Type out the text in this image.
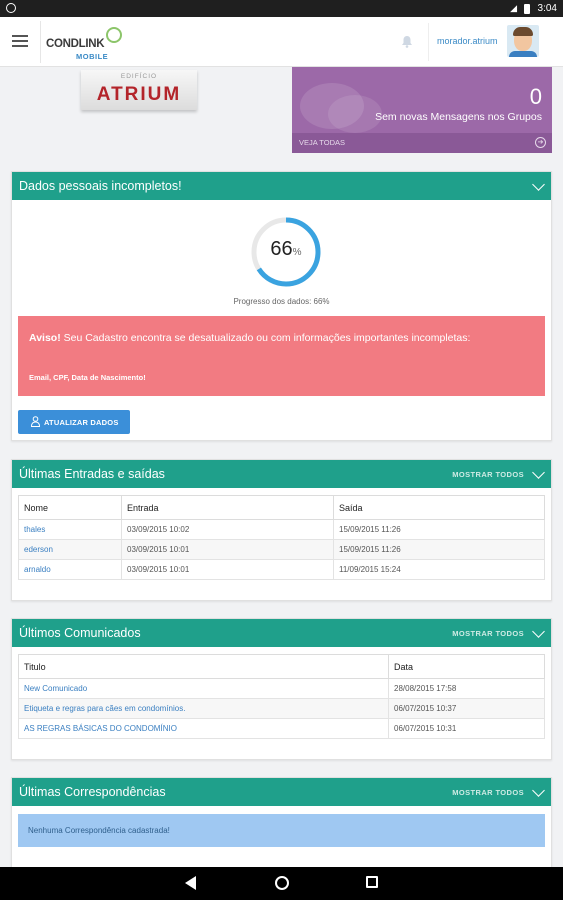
◢ 3:04
CONDLINK
MOBILE
morador.atrium
EDIFÍCIO
ATRIUM	0
Sem novas Mensagens nos Grupos
VEJA TODAS	➔
Dados pessoais incompletos!
66%
Progresso dos dados: 66%
Aviso! Seu Cadastro encontra se desatualizado ou com informações importantes incompletas:
Email, CPF, Data de Nascimento!
ATUALIZAR DADOS
Últimas Entradas e saídas	MOSTRAR TODOS
Nome	Entrada	Saída
thales	03/09/2015 10:02	15/09/2015 11:26
ederson	03/09/2015 10:01	15/09/2015 11:26
arnaldo	03/09/2015 10:01	11/09/2015 15:24
Últimos Comunicados	MOSTRAR TODOS
Titulo	Data
New Comunicado	28/08/2015 17:58
Etiqueta e regras para cães em condomínios.	06/07/2015 10:37
AS REGRAS BÁSICAS DO CONDOMÍNIO	06/07/2015 10:31
Últimas Correspondências	MOSTRAR TODOS
Nenhuma Correspondência cadastrada!
